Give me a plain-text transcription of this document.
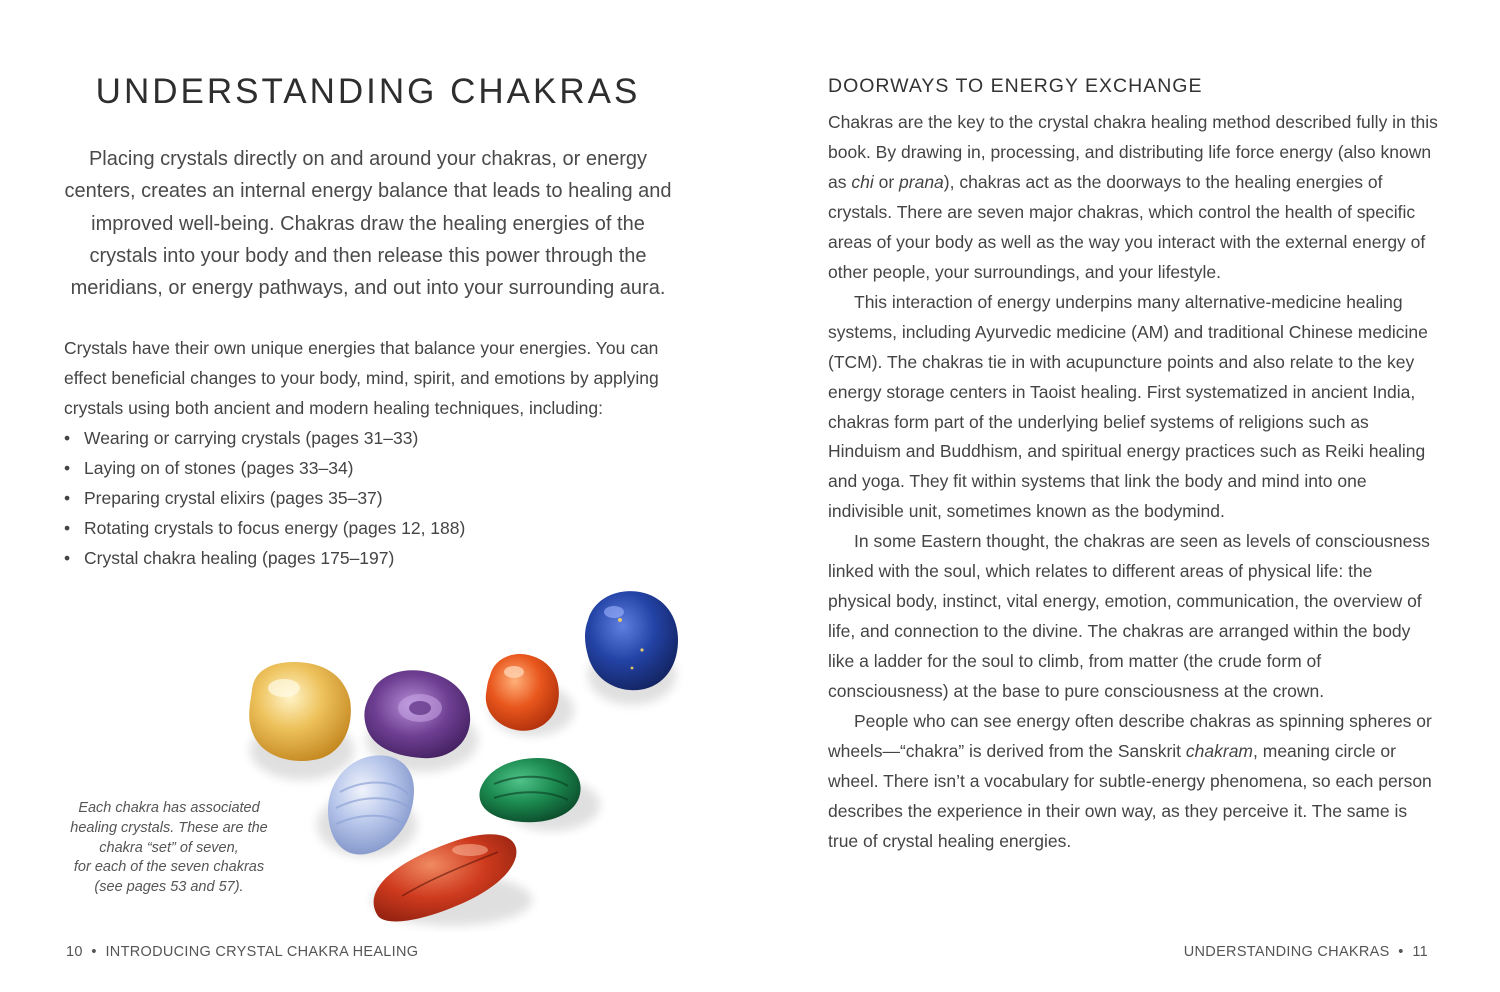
UNDERSTANDING CHAKRAS

Placing crystals directly on and around your chakras, or energy centers, creates an internal energy balance that leads to healing and improved well-being. Chakras draw the healing energies of the crystals into your body and then release this power through the meridians, or energy pathways, and out into your surrounding aura.

Crystals have their own unique energies that balance your energies. You can effect beneficial changes to your body, mind, spirit, and emotions by applying crystals using both ancient and modern healing techniques, including:
• Wearing or carrying crystals (pages 31–33)
• Laying on of stones (pages 33–34)
• Preparing crystal elixirs (pages 35–37)
• Rotating crystals to focus energy (pages 12, 188)
• Crystal chakra healing (pages 175–197)
Each chakra has associated
healing crystals. These are the
chakra “set” of seven,
for each of the seven chakras
(see pages 53 and 57).
10 • INTRODUCING CRYSTAL CHAKRA HEALING
DOORWAYS TO ENERGY EXCHANGE

Chakras are the key to the crystal chakra healing method described fully in this book. By drawing in, processing, and distributing life force energy (also known as chi or prana), chakras act as the doorways to the healing energies of crystals. There are seven major chakras, which control the health of specific areas of your body as well as the way you interact with the external energy of other people, your surroundings, and your lifestyle.

This interaction of energy underpins many alternative-medicine healing systems, including Ayurvedic medicine (AM) and traditional Chinese medicine (TCM). The chakras tie in with acupuncture points and also relate to the key energy storage centers in Taoist healing. First systematized in ancient India, chakras form part of the underlying belief systems of religions such as Hinduism and Buddhism, and spiritual energy practices such as Reiki healing and yoga. They fit within systems that link the body and mind into one indivisible unit, sometimes known as the bodymind.

In some Eastern thought, the chakras are seen as levels of consciousness linked with the soul, which relates to different areas of physical life: the physical body, instinct, vital energy, emotion, communication, the overview of life, and connection to the divine. The chakras are arranged within the body like a ladder for the soul to climb, from matter (the crude form of consciousness) at the base to pure consciousness at the crown.

People who can see energy often describe chakras as spinning spheres or wheels—“chakra” is derived from the Sanskrit chakram, meaning circle or wheel. There isn’t a vocabulary for subtle-energy phenomena, so each person describes the experience in their own way, as they perceive it. The same is true of crystal healing energies.

UNDERSTANDING CHAKRAS • 11
